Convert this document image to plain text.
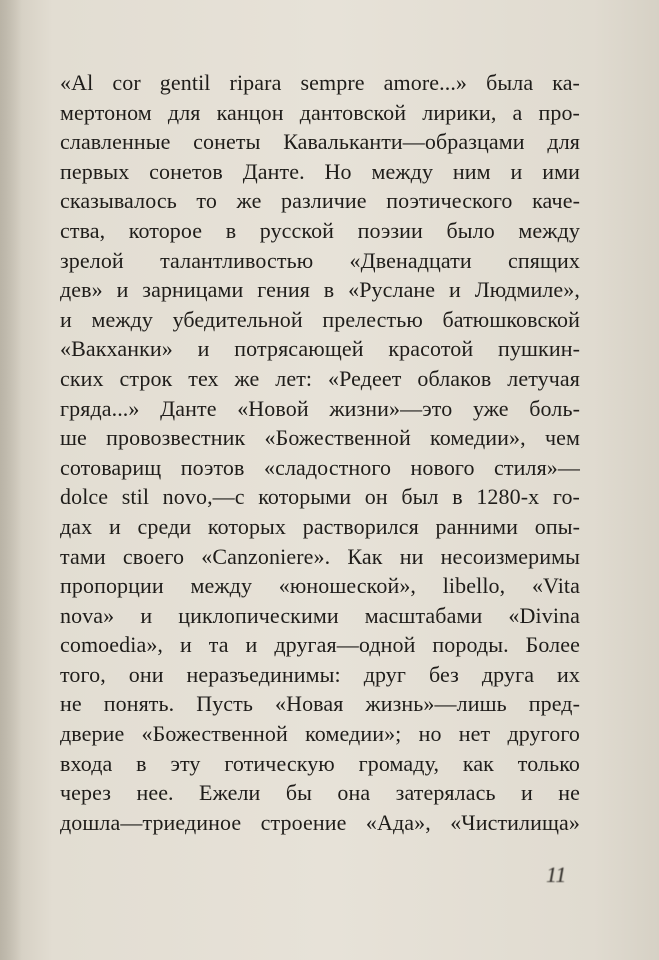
«Al cor gentil ripara sempre amore...» была ка-
мертоном для канцон дантовской лирики, а про-
славленные сонеты Кавальканти—образцами для
первых сонетов Данте. Но между ним и ими
сказывалось то же различие поэтического каче-
ства, которое в русской поэзии было между
зрелой талантливостью «Двенадцати спящих
дев» и зарницами гения в «Руслане и Людмиле»,
и между убедительной прелестью батюшковской
«Вакханки» и потрясающей красотой пушкин-
ских строк тех же лет: «Редеет облаков летучая
гряда...» Данте «Новой жизни»—это уже боль-
ше провозвестник «Божественной комедии», чем
сотоварищ поэтов «сладостного нового стиля»—
dolce stil novo,—с которыми он был в 1280-х го-
дах и среди которых растворился ранними опы-
тами своего «Canzoniere». Как ни несоизмеримы
пропорции между «юношеской», libello, «Vita
nova» и циклопическими масштабами «Divina
comoedia», и та и другая—одной породы. Более
того, они неразъединимы: друг без друга их
не понять. Пусть «Новая жизнь»—лишь пред-
дверие «Божественной комедии»; но нет другого
входа в эту готическую громаду, как только
через нее. Ежели бы она затерялась и не
дошла—триединое строение «Ада», «Чистилища»
11
